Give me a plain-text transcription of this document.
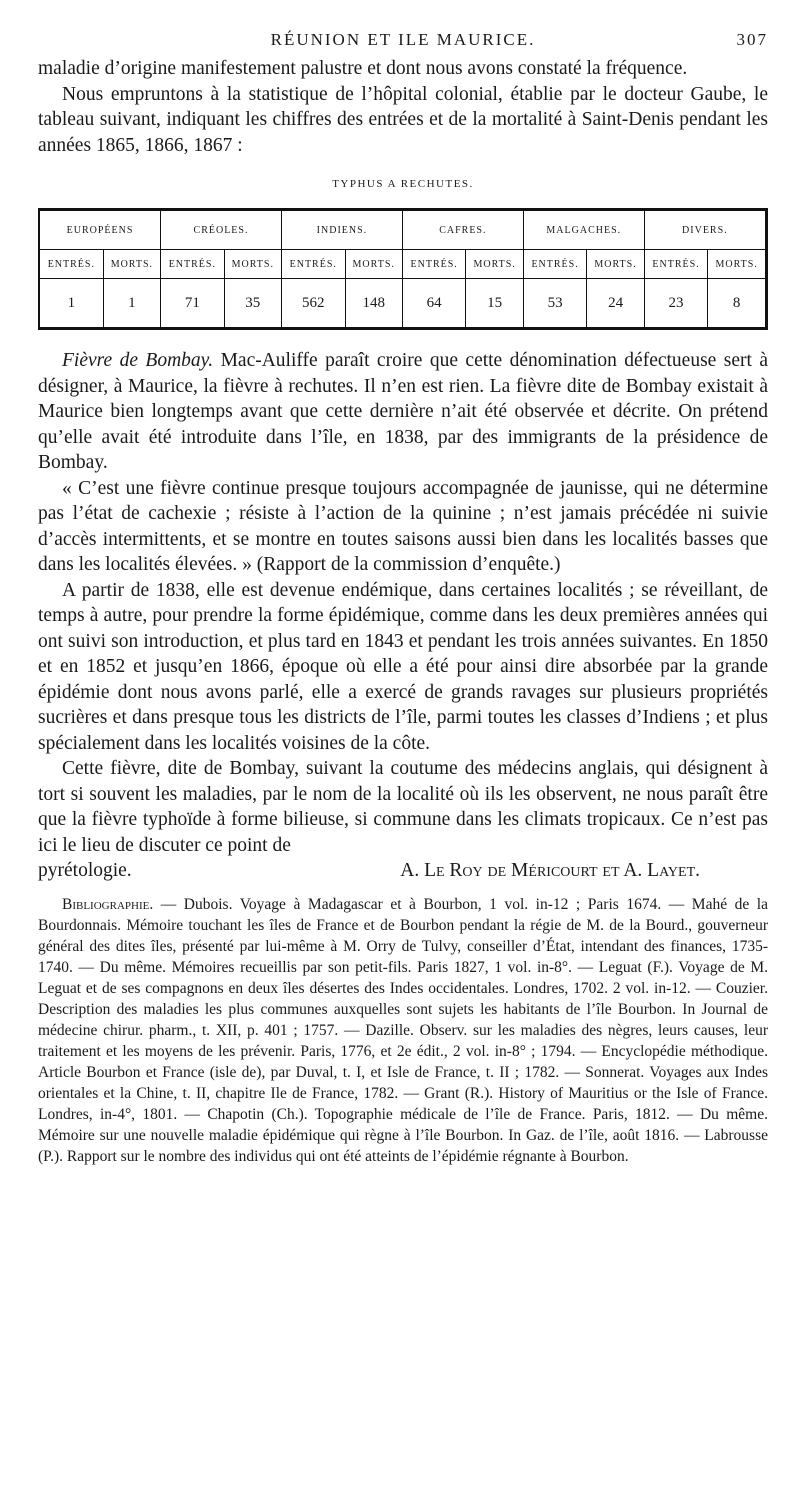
RÉUNION ET ILE MAURICE.	307

maladie d’origine manifestement palustre et dont nous avons constaté la fréquence.

Nous empruntons à la statistique de l’hôpital colonial, établie par le docteur Gaube, le tableau suivant, indiquant les chiffres des entrées et de la mortalité à Saint-Denis pendant les années 1865, 1866, 1867 :

TYPHUS A RECHUTES.
EUROPÉENS		CRÉOLES.		INDIENS.		CAFRES.		MALGACHES.		DIVERS.	
ENTRÉS.	MORTS.	ENTRÉS.	MORTS.	ENTRÉS.	MORTS.	ENTRÉS.	MORTS.	ENTRÉS.	MORTS.	ENTRÉS.	MORTS.
1	1	71	35	562	148	64	15	53	24	23	8

Fièvre de Bombay. Mac-Auliffe paraît croire que cette dénomination défectueuse sert à désigner, à Maurice, la fièvre à rechutes. Il n’en est rien. La fièvre dite de Bombay existait à Maurice bien longtemps avant que cette dernière n’ait été observée et décrite. On prétend qu’elle avait été introduite dans l’île, en 1838, par des immigrants de la présidence de Bombay.

« C’est une fièvre continue presque toujours accompagnée de jaunisse, qui ne détermine pas l’état de cachexie ; résiste à l’action de la quinine ; n’est jamais précédée ni suivie d’accès intermittents, et se montre en toutes saisons aussi bien dans les localités basses que dans les localités élevées. » (Rapport de la commission d’enquête.)

A partir de 1838, elle est devenue endémique, dans certaines localités ; se réveillant, de temps à autre, pour prendre la forme épidémique, comme dans les deux premières années qui ont suivi son introduction, et plus tard en 1843 et pendant les trois années suivantes. En 1850 et en 1852 et jusqu’en 1866, époque où elle a été pour ainsi dire absorbée par la grande épidémie dont nous avons parlé, elle a exercé de grands ravages sur plusieurs propriétés sucrières et dans presque tous les districts de l’île, parmi toutes les classes d’Indiens ; et plus spécialement dans les localités voisines de la côte.

Cette fièvre, dite de Bombay, suivant la coutume des médecins anglais, qui désignent à tort si souvent les maladies, par le nom de la localité où ils les observent, ne nous paraît être que la fièvre typhoïde à forme bilieuse, si commune dans les climats tropicaux. Ce n’est pas ici le lieu de discuter ce point de

pyrétologie.	A. Le Roy de Méricourt et A. Layet.

Bibliographie. — Dubois. Voyage à Madagascar et à Bourbon, 1 vol. in-12 ; Paris 1674. — Mahé de la Bourdonnais. Mémoire touchant les îles de France et de Bourbon pendant la régie de M. de la Bourd., gouverneur général des dites îles, présenté par lui-même à M. Orry de Tulvy, conseiller d’État, intendant des finances, 1735-1740. — Du même. Mémoires recueillis par son petit-fils. Paris 1827, 1 vol. in-8°. — Leguat (F.). Voyage de M. Leguat et de ses compagnons en deux îles désertes des Indes occidentales. Londres, 1702. 2 vol. in-12. — Couzier. Description des maladies les plus communes auxquelles sont sujets les habitants de l’île Bourbon. In Journal de médecine chirur. pharm., t. XII, p. 401 ; 1757. — Dazille. Observ. sur les maladies des nègres, leurs causes, leur traitement et les moyens de les prévenir. Paris, 1776, et 2e édit., 2 vol. in-8° ; 1794. — Encyclopédie méthodique. Article Bourbon et France (isle de), par Duval, t. I, et Isle de France, t. II ; 1782. — Sonnerat. Voyages aux Indes orientales et la Chine, t. II, chapitre Ile de France, 1782. — Grant (R.). History of Mauritius or the Isle of France. Londres, in-4°, 1801. — Chapotin (Ch.). Topographie médicale de l’île de France. Paris, 1812. — Du même. Mémoire sur une nouvelle maladie épidémique qui règne à l’île Bourbon. In Gaz. de l’île, août 1816. — Labrousse (P.). Rapport sur le nombre des individus qui ont été atteints de l’épidémie régnante à Bourbon.
